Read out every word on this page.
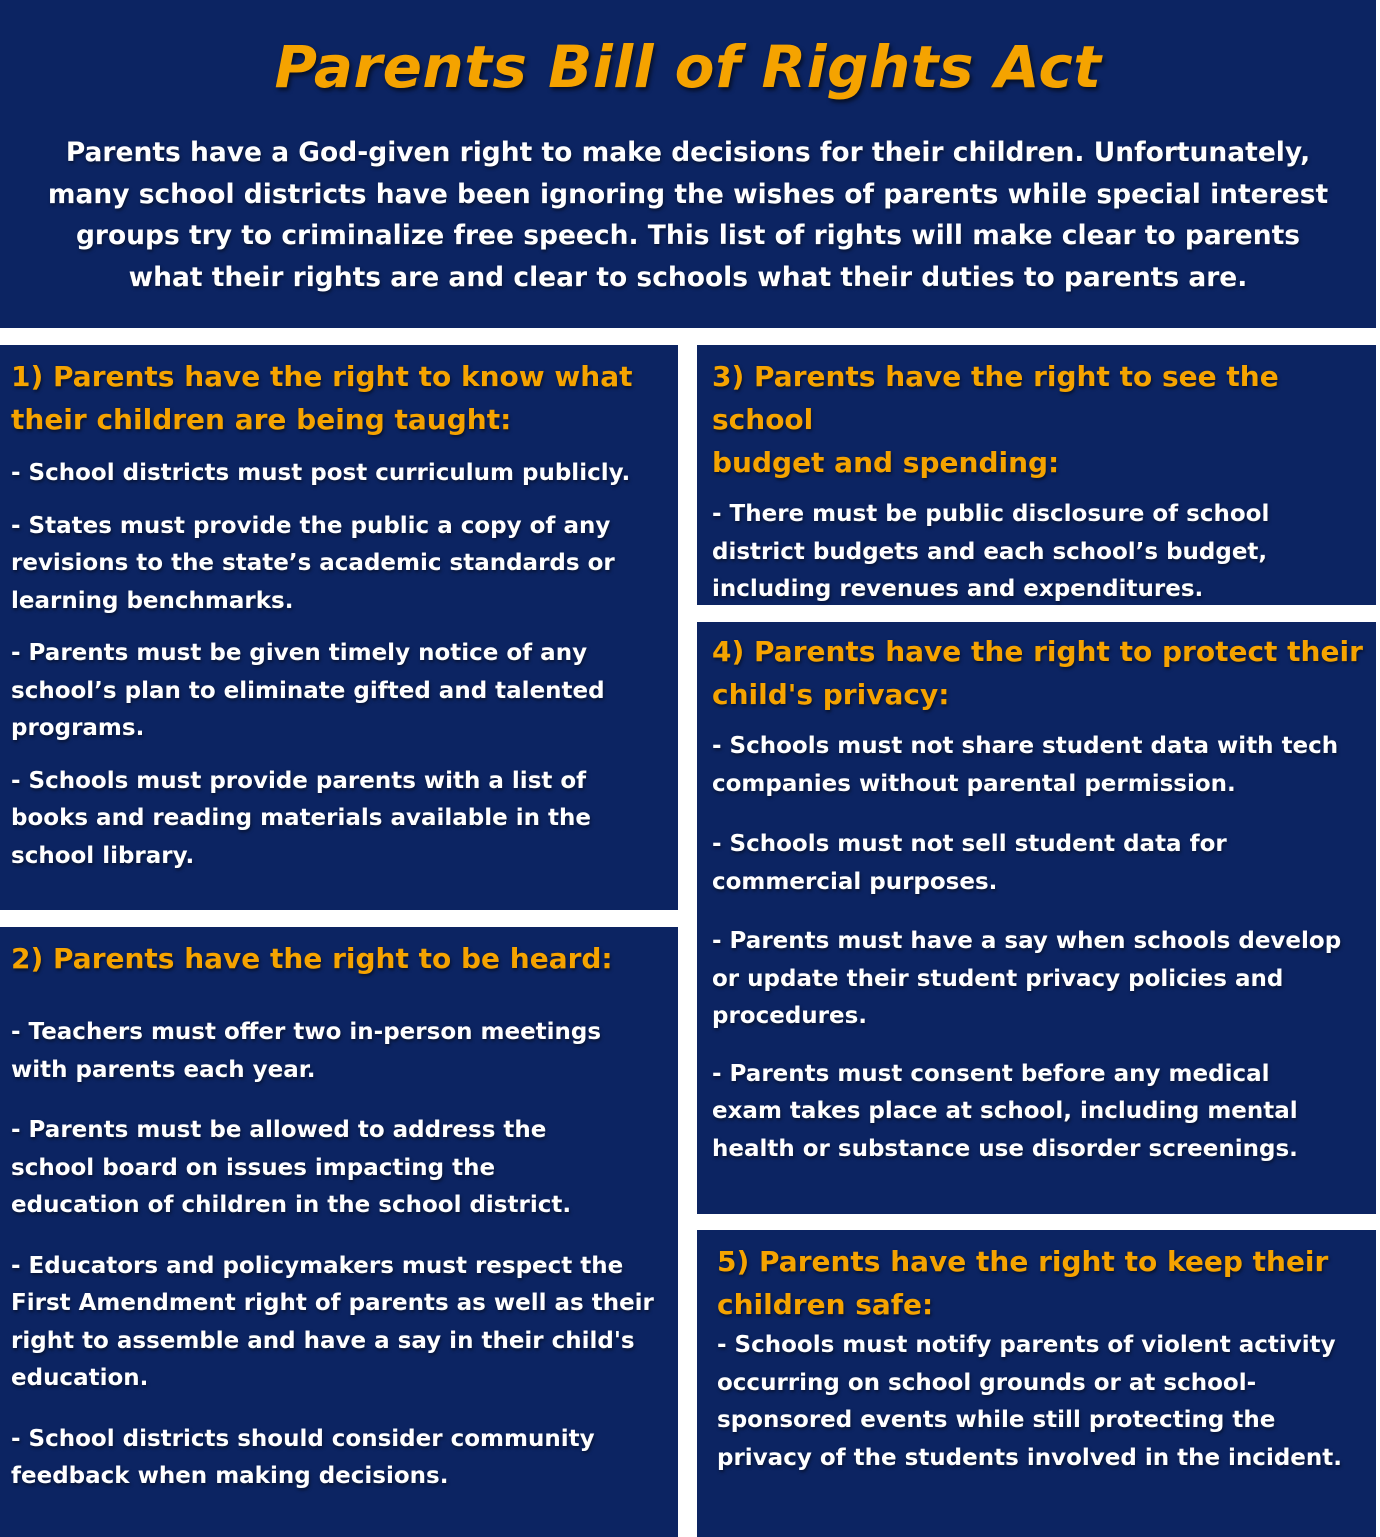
Parents Bill of Rights Act
Parents have a God-given right to make decisions for their children. Unfortunately,
many school districts have been ignoring the wishes of parents while special interest
groups try to criminalize free speech. This list of rights will make clear to parents
what their rights are and clear to schools what their duties to parents are.
1) Parents have the right to know what
their children are being taught:
- School districts must post curriculum publicly.
- States must provide the public a copy of any
revisions to the state’s academic standards or
learning benchmarks.
- Parents must be given timely notice of any
school’s plan to eliminate gifted and talented
programs.
- Schools must provide parents with a list of
books and reading materials available in the
school library.
2) Parents have the right to be heard:
- Teachers must offer two in-person meetings
with parents each year.
- Parents must be allowed to address the
school board on issues impacting the
education of children in the school district.
- Educators and policymakers must respect the
First Amendment right of parents as well as their
right to assemble and have a say in their child's
education.
- School districts should consider community
feedback when making decisions.
3) Parents have the right to see the school
budget and spending:
- There must be public disclosure of school
district budgets and each school’s budget,
including revenues and expenditures.
4) Parents have the right to protect their
child's privacy:
- Schools must not share student data with tech
companies without parental permission.
- Schools must not sell student data for
commercial purposes.
- Parents must have a say when schools develop
or update their student privacy policies and
procedures.
- Parents must consent before any medical
exam takes place at school, including mental
health or substance use disorder screenings.
5) Parents have the right to keep their
children safe:
- Schools must notify parents of violent activity
occurring on school grounds or at school-
sponsored events while still protecting the
privacy of the students involved in the incident.
